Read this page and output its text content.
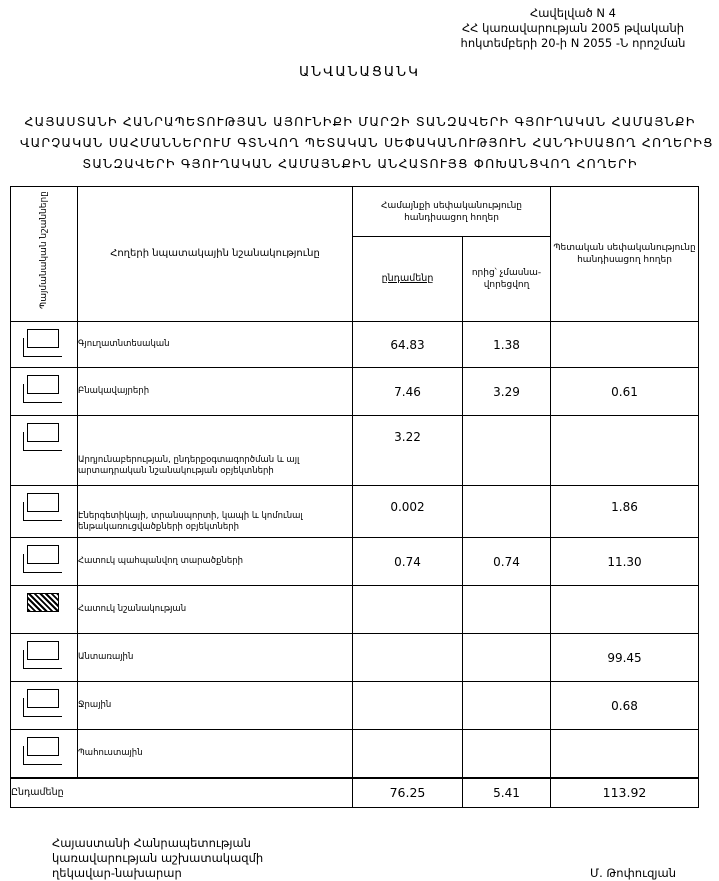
Հավելված N 4
ՀՀ կառավարության 2005 թվականի
հոկտեմբերի 20-ի N 2055 -Ն որոշման
ԱՆՎԱՆԱՑԱՆԿ
ՀԱՅԱՍՏԱՆԻ ՀԱՆՐԱՊԵՏՈՒԹՅԱՆ ԱՅՈՒՆԻՔԻ ՄԱՐԶԻ ՏԱՆԶԱՎԵՐԻ ԳՅՈՒՂԱԿԱՆ ՀԱՄԱՅՆՔԻ
ՎԱՐՉԱԿԱՆ ՍԱՀՄԱՆՆԵՐՈՒՄ ԳՏՆՎՈՂ ՊԵՏԱԿԱՆ ՍԵՓԱԿԱՆՈՒԹՅՈՒՆ ՀԱՆԴԻՍԱՑՈՂ ՀՈՂԵՐԻՑ
ՏԱՆԶԱՎԵՐԻ ԳՅՈՒՂԱԿԱՆ ՀԱՄԱՅՆՔԻՆ ԱՆՀԱՏՈՒՅՑ ՓՈԽԱՆՑՎՈՂ ՀՈՂԵՐԻ
Պայմանական նշանները	Հողերի նպատակային նշանակությունը	Համայնքի սեփականությունը հանդիսացող հողեր		Պետական սեփականությունը հանդիսացող հողեր
		ընդամենը	որից՝ չմասնա-վորեցվող	

	Գյուղատնտեսական	64.83	1.38	

	Բնակավայրերի	7.46	3.29	0.61

	Արդյունաբերության, ընդերքօգտագործման և այլ արտադրական նշանակության օբյեկտների	3.22		

	Էներգետիկայի, տրանսպորտի, կապի և կոմունալ ենթակառուցվածքների օբյեկտների	0.002		1.86

	Հատուկ պահպանվող տարածքների	0.74	0.74	11.30

	Հատուկ նշանակության			

	Անտառային			99.45

	Ջրային			0.68

	Պահուստային			
Ընդամենը		76.25	5.41	113.92
Հայաստանի Հանրապետության
կառավարության աշխատակազմի
ղեկավար-նախարար	Մ. Թոփուզյան
